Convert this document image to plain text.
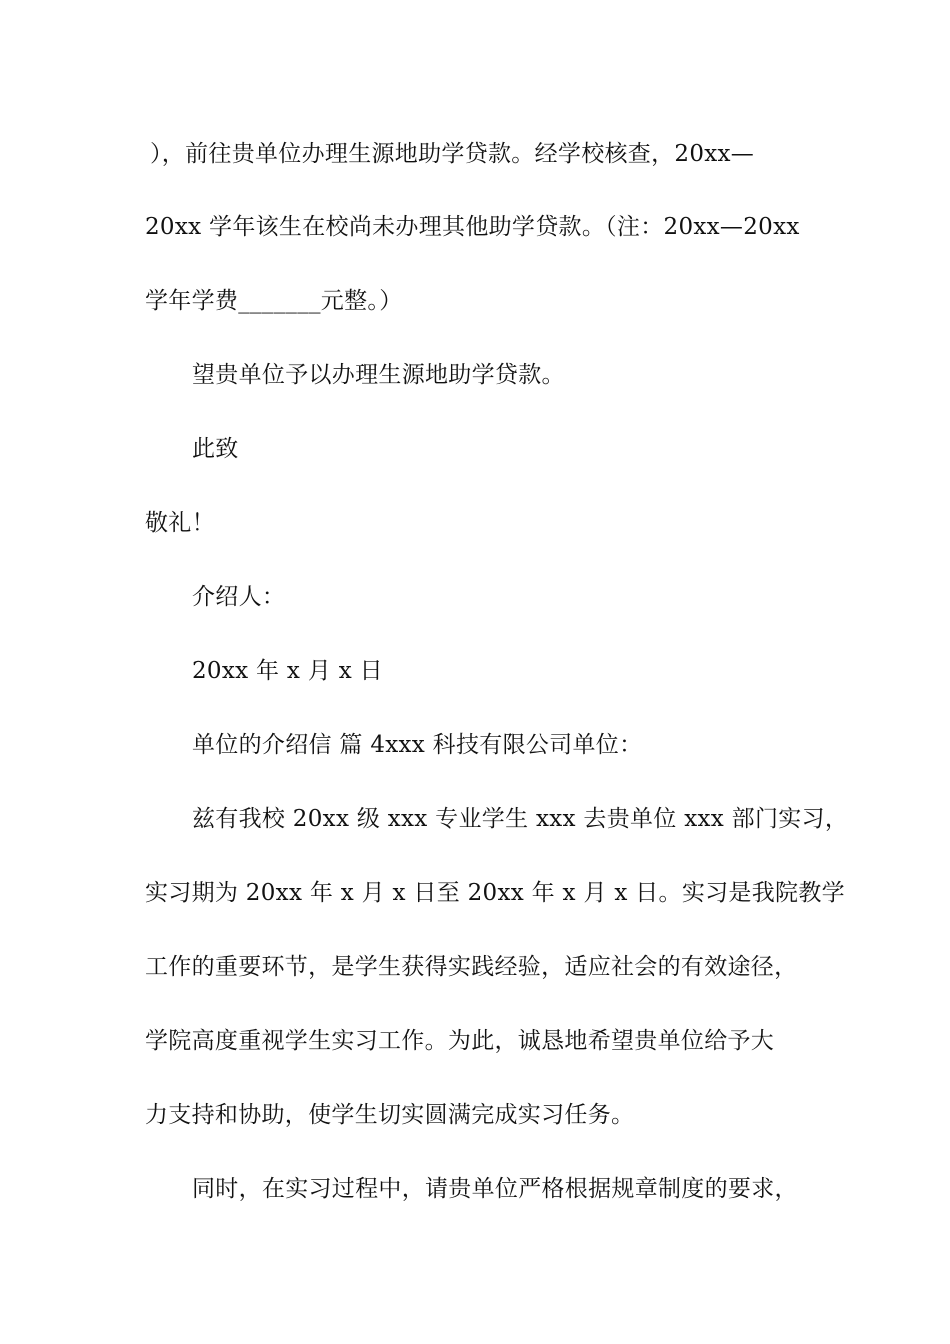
），前往贵单位办理生源地助学贷款。经学校核查，20xx—
20xx 学年该生在校尚未办理其他助学贷款。（注：20xx—20xx
学年学费_______元整。）
望贵单位予以办理生源地助学贷款。
此致
敬礼！
介绍人：
20xx 年 x 月 x 日
单位的介绍信 篇 4xxx 科技有限公司单位：
兹有我校 20xx 级 xxx 专业学生 xxx 去贵单位 xxx 部门实习，
实习期为 20xx 年 x 月 x 日至 20xx 年 x 月 x 日。实习是我院教学
工作的重要环节，是学生获得实践经验，适应社会的有效途径，
学院高度重视学生实习工作。为此，诚恳地希望贵单位给予大
力支持和协助，使学生切实圆满完成实习任务。
同时，在实习过程中，请贵单位严格根据规章制度的要求，
